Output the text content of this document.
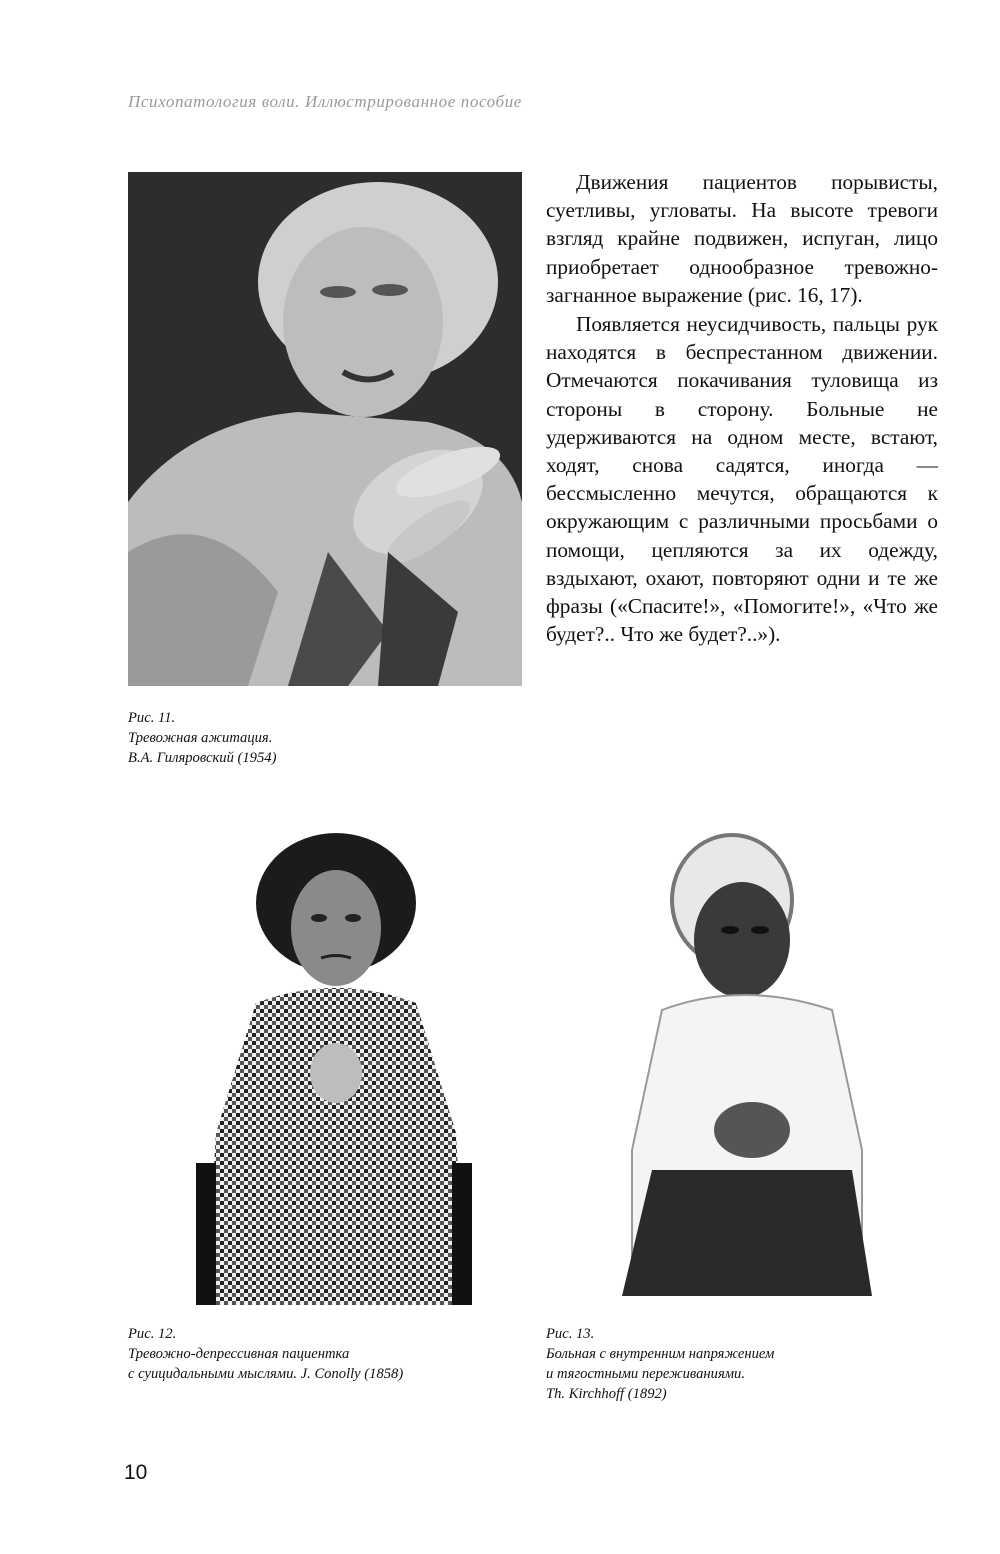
Психопатология воли. Иллюстрированное пособие

Движения пациентов порывисты, суетливы, угловаты. На высоте тревоги взгляд крайне подвижен, испуган, лицо приобретает однообразное тревожно-загнанное выражение (рис. 16, 17).

Появляется неусидчивость, пальцы рук находятся в беспрестанном движении. Отмечаются покачивания туловища из стороны в сторону. Больные не удерживаются на одном месте, встают, ходят, снова садятся, иногда — бессмысленно мечутся, обращаются к окружающим с различными просьбами о помощи, цепляются за их одежду, вздыхают, охают, повторяют одни и те же фразы («Спасите!», «Помогите!», «Что же будет?.. Что же будет?..»).

Рис. 11.
Тревожная ажитация.
В.А. Гиляровский (1954)
Рис. 12.
Тревожно-депрессивная пациентка
с суицидальными мыслями. J. Conolly (1858)
Рис. 13.
Больная с внутренним напряжением
и тягостными переживаниями.
Th. Kirchhoff (1892)
10
